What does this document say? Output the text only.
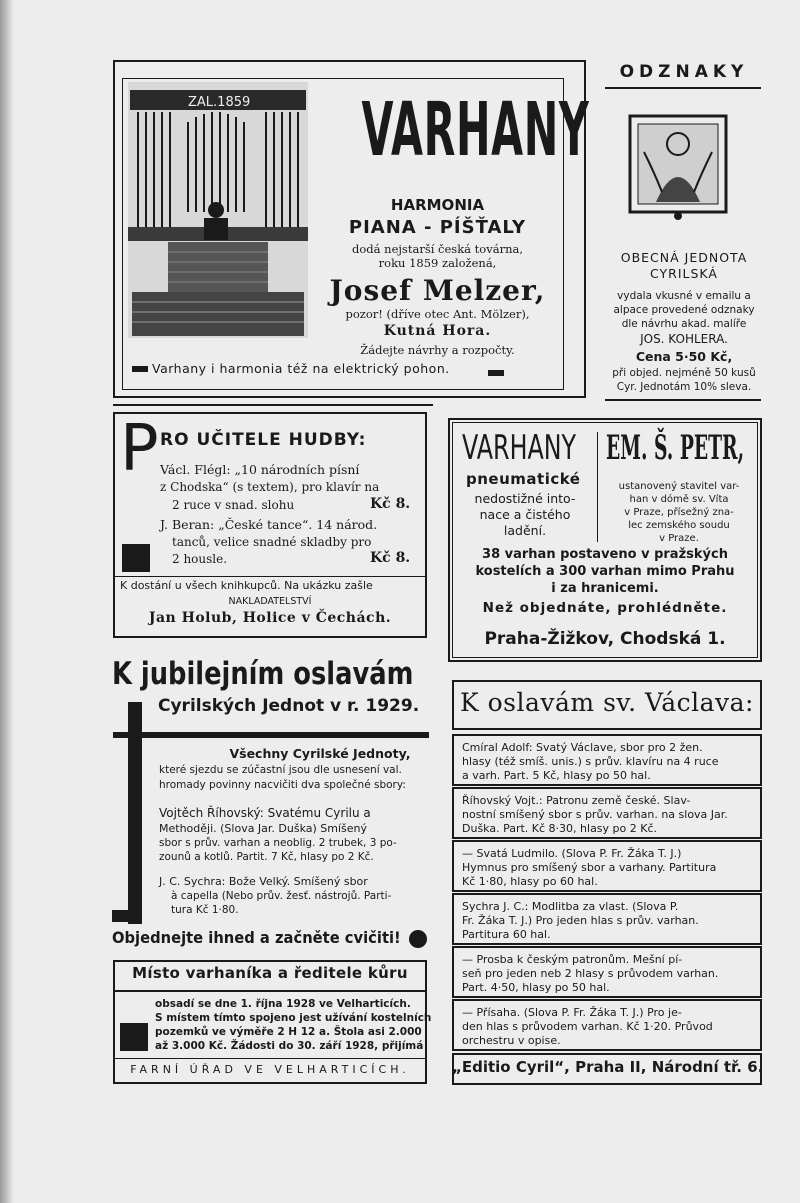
ZAL.1859 VARHANY
HARMONIA
PIANA - PÍŠŤALY
dodá nejstarší česká továrna,
roku 1859 založená,
Josef Melzer,
pozor! (dříve otec Ant. Mölzer),
Kutná Hora.
Žádejte návrhy a rozpočty.
Varhany i harmonia též na elektrický pohon.
ODZNAKY
OBECNÁ JEDNOTA
CYRILSKÁ
vydala vkusné v emailu a
alpace provedené odznaky
dle návrhu akad. malíře
JOS. KOHLERA.
Cena 5·50 Kč,
při objed. nejméně 50 kusů
Cyr. Jednotám 10% sleva.
P RO UČITELE HUDBY:
Václ. Flégl: „10 národních písní
z Chodska“ (s textem), pro klavír na
2 ruce v snad. slohu	Kč 8.
J. Beran: „České tance“. 14 národ.
tanců, velice snadné skladby pro
2 housle.	Kč 8.
K dostání u všech knihkupců. Na ukázku zašle
NAKLADATELSTVÍ
Jan Holub, Holice v Čechách.
VARHANY EM. Š. PETR,
pneumatické
nedostižné into-
nace a čistého
ladění.
ustanovený stavitel var-
han v dómě sv. Víta
v Praze, přísežný zna-
lec zemského soudu
v Praze.
38 varhan postaveno v pražských
kostelích a 300 varhan mimo Prahu
i za hranicemi.
Než objednáte, prohlédněte.
Praha-Žižkov, Chodská 1.
K jubilejním oslavám
Cyrilských Jednot v r. 1929.
Všechny Cyrilské Jednoty,
které sjezdu se zúčastní jsou dle usnesení val.
hromady povinny nacvičiti dva společné sbory:
Vojtěch Říhovský: Svatému Cyrilu a
Methoději. (Slova Jar. Duška) Smíšený
sbor s prův. varhan a neoblig. 2 trubek, 3 po-
zounů a kotlů. Partit. 7 Kč, hlasy po 2 Kč.
J. C. Sychra: Bože Velký. Smíšený sbor
à capella (Nebo prův. žesť. nástrojů. Parti-
tura Kč 1·80.
Objednejte ihned a začněte cvičiti!
Místo varhaníka a ředitele kůru
obsadí se dne 1. října 1928 ve Velharticích.
S místem tímto spojeno jest užívání kostelních
pozemků ve výměře 2 H 12 a. Štola asi 2.000
až 3.000 Kč. Žádosti do 30. září 1928, přijímá
FARNÍ ÚŘAD VE VELHARTICÍCH.
K oslavám sv. Václava:
Cmíral Adolf: Svatý Václave, sbor pro 2 žen.
hlasy (též smíš. unis.) s prův. klavíru na 4 ruce
a varh. Part. 5 Kč, hlasy po 50 hal.
Říhovský Vojt.: Patronu země české. Slav-
nostní smíšený sbor s prův. varhan. na slova Jar.
Duška. Part. Kč 8·30, hlasy po 2 Kč.
— Svatá Ludmilo. (Slova P. Fr. Žáka T. J.)
Hymnus pro smíšený sbor a varhany. Partitura
Kč 1·80, hlasy po 60 hal.
Sychra J. C.: Modlitba za vlast. (Slova P.
Fr. Žáka T. J.) Pro jeden hlas s prův. varhan.
Partitura 60 hal.
— Prosba k českým patronům. Mešní pí-
seň pro jeden neb 2 hlasy s průvodem varhan.
Part. 4·50, hlasy po 50 hal.
— Přísaha. (Slova P. Fr. Žáka T. J.) Pro je-
den hlas s průvodem varhan. Kč 1·20. Průvod
orchestru v opise.
„Editio Cyril“, Praha II, Národní tř. 6.
